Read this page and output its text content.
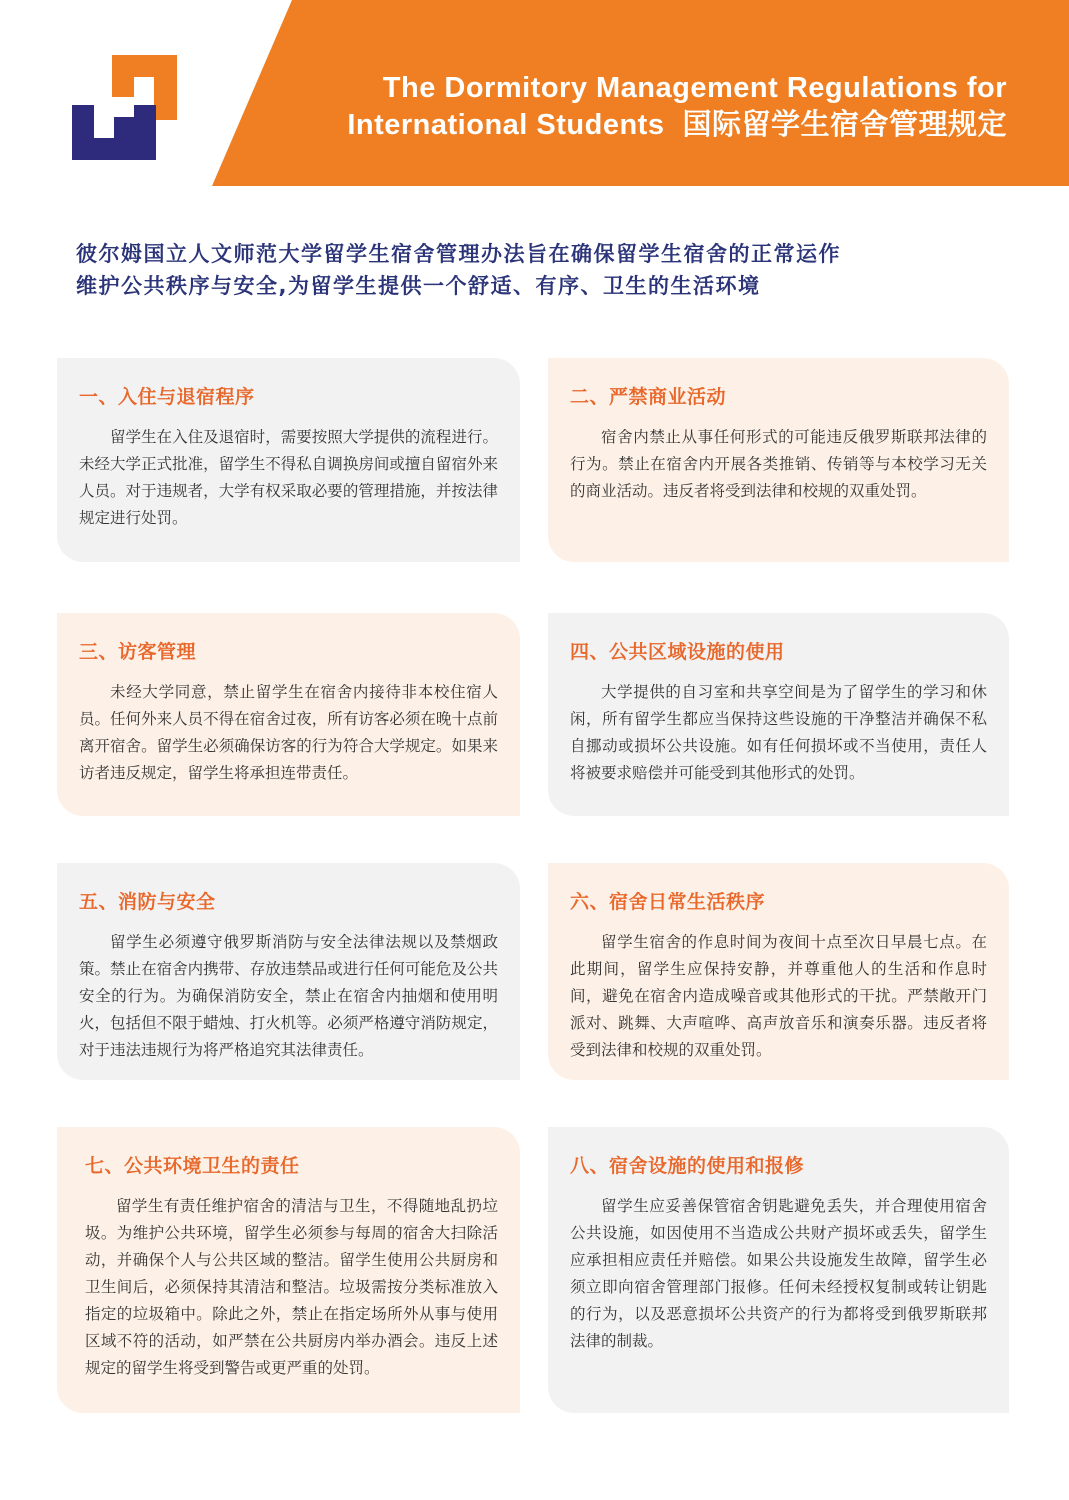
The Dormitory Management Regulations for
International Students 国际留学生宿舍管理规定

彼尔姆国立人文师范大学留学生宿舍管理办法旨在确保留学生宿舍的正常运作

维护公共秩序与安全,为留学生提供一个舒适、有序、卫生的生活环境

一、入住与退宿程序

留学生在入住及退宿时，需要按照大学提供的流程进行。未经大学正式批准，留学生不得私自调换房间或擅自留宿外来人员。对于违规者，大学有权采取必要的管理措施，并按法律规定进行处罚。

二、严禁商业活动

宿舍内禁止从事任何形式的可能违反俄罗斯联邦法律的行为。禁止在宿舍内开展各类推销、传销等与本校学习无关的商业活动。违反者将受到法律和校规的双重处罚。

三、访客管理

未经大学同意，禁止留学生在宿舍内接待非本校住宿人员。任何外来人员不得在宿舍过夜，所有访客必须在晚十点前离开宿舍。留学生必须确保访客的行为符合大学规定。如果来访者违反规定，留学生将承担连带责任。

四、公共区域设施的使用

大学提供的自习室和共享空间是为了留学生的学习和休闲，所有留学生都应当保持这些设施的干净整洁并确保不私自挪动或损坏公共设施。如有任何损坏或不当使用，责任人将被要求赔偿并可能受到其他形式的处罚。

五、消防与安全

留学生必须遵守俄罗斯消防与安全法律法规以及禁烟政策。禁止在宿舍内携带、存放违禁品或进行任何可能危及公共安全的行为。为确保消防安全，禁止在宿舍内抽烟和使用明火，包括但不限于蜡烛、打火机等。必须严格遵守消防规定，对于违法违规行为将严格追究其法律责任。

六、宿舍日常生活秩序

留学生宿舍的作息时间为夜间十点至次日早晨七点。在此期间，留学生应保持安静，并尊重他人的生活和作息时间，避免在宿舍内造成噪音或其他形式的干扰。严禁敞开门派对、跳舞、大声喧哗、高声放音乐和演奏乐器。违反者将受到法律和校规的双重处罚。

七、公共环境卫生的责任

留学生有责任维护宿舍的清洁与卫生，不得随地乱扔垃圾。为维护公共环境，留学生必须参与每周的宿舍大扫除活动，并确保个人与公共区域的整洁。留学生使用公共厨房和卫生间后，必须保持其清洁和整洁。垃圾需按分类标准放入指定的垃圾箱中。除此之外，禁止在指定场所外从事与使用区域不符的活动，如严禁在公共厨房内举办酒会。违反上述规定的留学生将受到警告或更严重的处罚。

八、宿舍设施的使用和报修

留学生应妥善保管宿舍钥匙避免丢失，并合理使用宿舍公共设施，如因使用不当造成公共财产损坏或丢失，留学生应承担相应责任并赔偿。如果公共设施发生故障，留学生必须立即向宿舍管理部门报修。任何未经授权复制或转让钥匙的行为，以及恶意损坏公共资产的行为都将受到俄罗斯联邦法律的制裁。
